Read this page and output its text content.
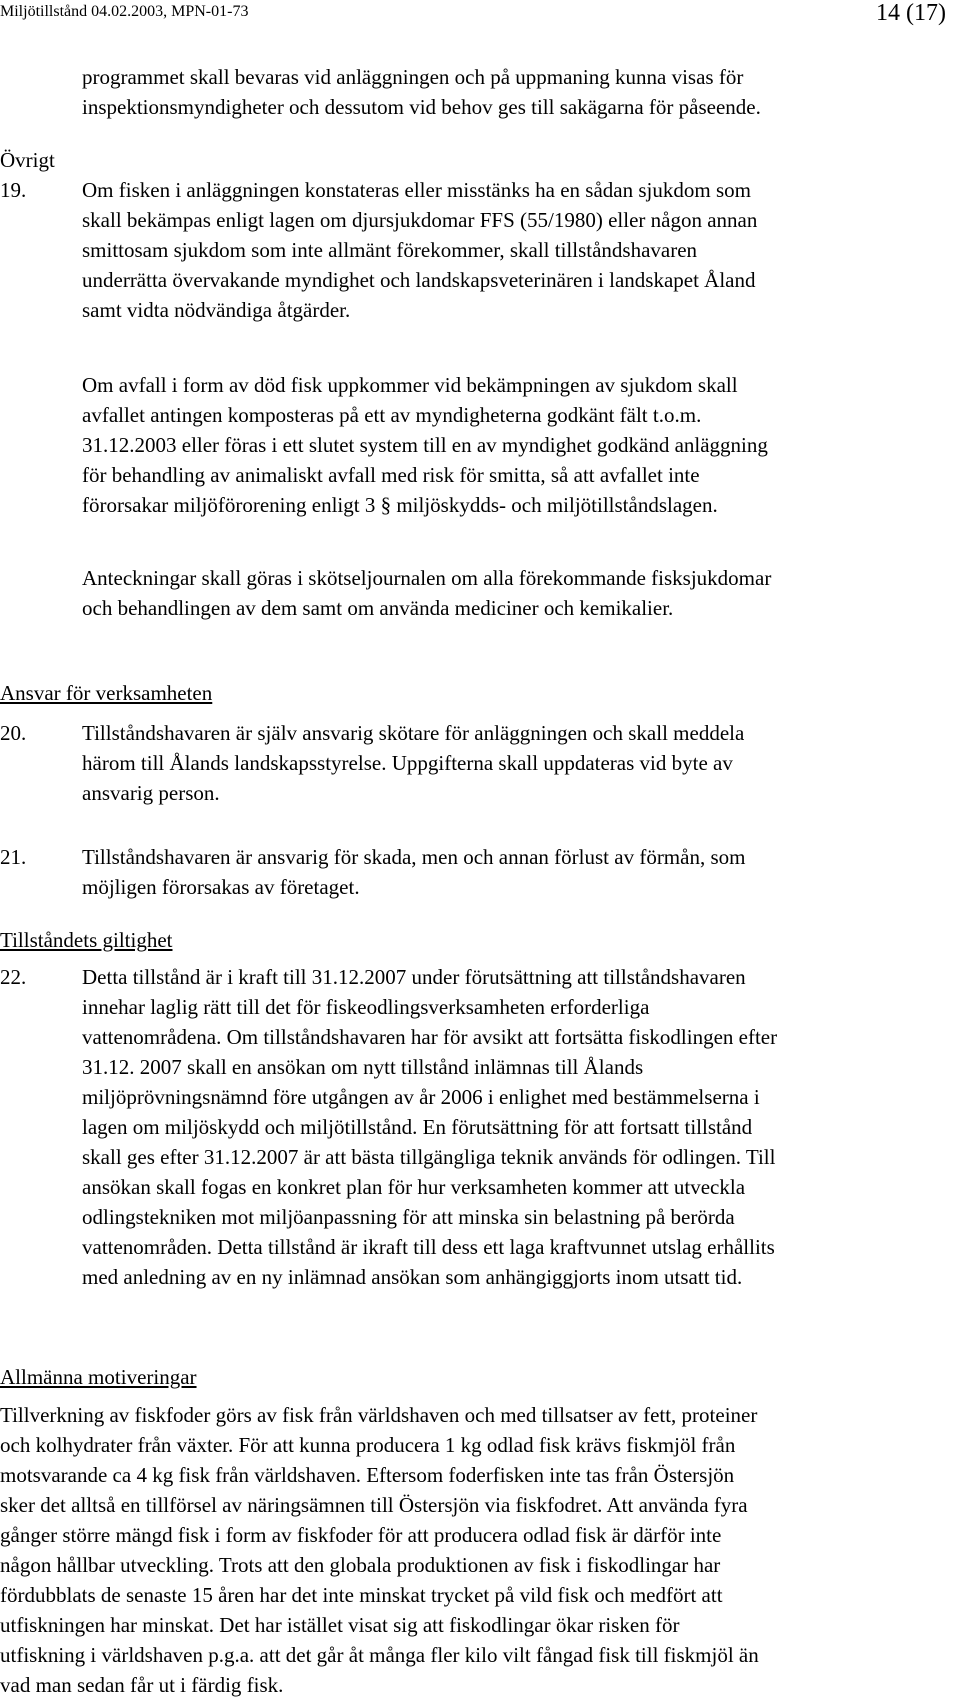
Miljötillstånd 04.02.2003, MPN-01-73	14 (17)
programmet skall bevaras vid anläggningen och på uppmaning kunna visas för
inspektionsmyndigheter och dessutom vid behov ges till sakägarna för påseende.
Övrigt
19.	Om fisken i anläggningen konstateras eller misstänks ha en sådan sjukdom som
skall bekämpas enligt lagen om djursjukdomar FFS (55/1980) eller någon annan
smittosam sjukdom som inte allmänt förekommer, skall tillståndshavaren
underrätta övervakande myndighet och landskapsveterinären i landskapet Åland
samt vidta nödvändiga åtgärder.
Om avfall i form av död fisk uppkommer vid bekämpningen av sjukdom skall
avfallet antingen komposteras på ett av myndigheterna godkänt fält t.o.m.
31.12.2003 eller föras i ett slutet system till en av myndighet godkänd anläggning
för behandling av animaliskt avfall med risk för smitta, så att avfallet inte
förorsakar miljöförorening enligt 3 § miljöskydds- och miljötillståndslagen.
Anteckningar skall göras i skötseljournalen om alla förekommande fisksjukdomar
och behandlingen av dem samt om använda mediciner och kemikalier.
Ansvar för verksamheten
20.	Tillståndshavaren är själv ansvarig skötare för anläggningen och skall meddela
härom till Ålands landskapsstyrelse. Uppgifterna skall uppdateras vid byte av
ansvarig person.
21.	Tillståndshavaren är ansvarig för skada, men och annan förlust av förmån, som
möjligen förorsakas av företaget.
Tillståndets giltighet
22.	Detta tillstånd är i kraft till 31.12.2007 under förutsättning att tillståndshavaren
innehar laglig rätt till det för fiskeodlingsverksamheten erforderliga
vattenområdena. Om tillståndshavaren har för avsikt att fortsätta fiskodlingen efter
31.12. 2007 skall en ansökan om nytt tillstånd inlämnas till Ålands
miljöprövningsnämnd före utgången av år 2006 i enlighet med bestämmelserna i
lagen om miljöskydd och miljötillstånd. En förutsättning för att fortsatt tillstånd
skall ges efter 31.12.2007 är att bästa tillgängliga teknik används för odlingen. Till
ansökan skall fogas en konkret plan för hur verksamheten kommer att utveckla
odlingstekniken mot miljöanpassning för att minska sin belastning på berörda
vattenområden. Detta tillstånd är ikraft till dess ett laga kraftvunnet utslag erhållits
med anledning av en ny inlämnad ansökan som anhängiggjorts inom utsatt tid.
Allmänna motiveringar
Tillverkning av fiskfoder görs av fisk från världshaven och med tillsatser av fett, proteiner
och kolhydrater från växter. För att kunna producera 1 kg odlad fisk krävs fiskmjöl från
motsvarande ca 4 kg fisk från världshaven. Eftersom foderfisken inte tas från Östersjön
sker det alltså en tillförsel av näringsämnen till Östersjön via fiskfodret. Att använda fyra
gånger större mängd fisk i form av fiskfoder för att producera odlad fisk är därför inte
någon hållbar utveckling. Trots att den globala produktionen av fisk i fiskodlingar har
fördubblats de senaste 15 åren har det inte minskat trycket på vild fisk och medfört att
utfiskningen har minskat. Det har istället visat sig att fiskodlingar ökar risken för
utfiskning i världshaven p.g.a. att det går åt många fler kilo vilt fångad fisk till fiskmjöl än
vad man sedan får ut i färdig fisk.
